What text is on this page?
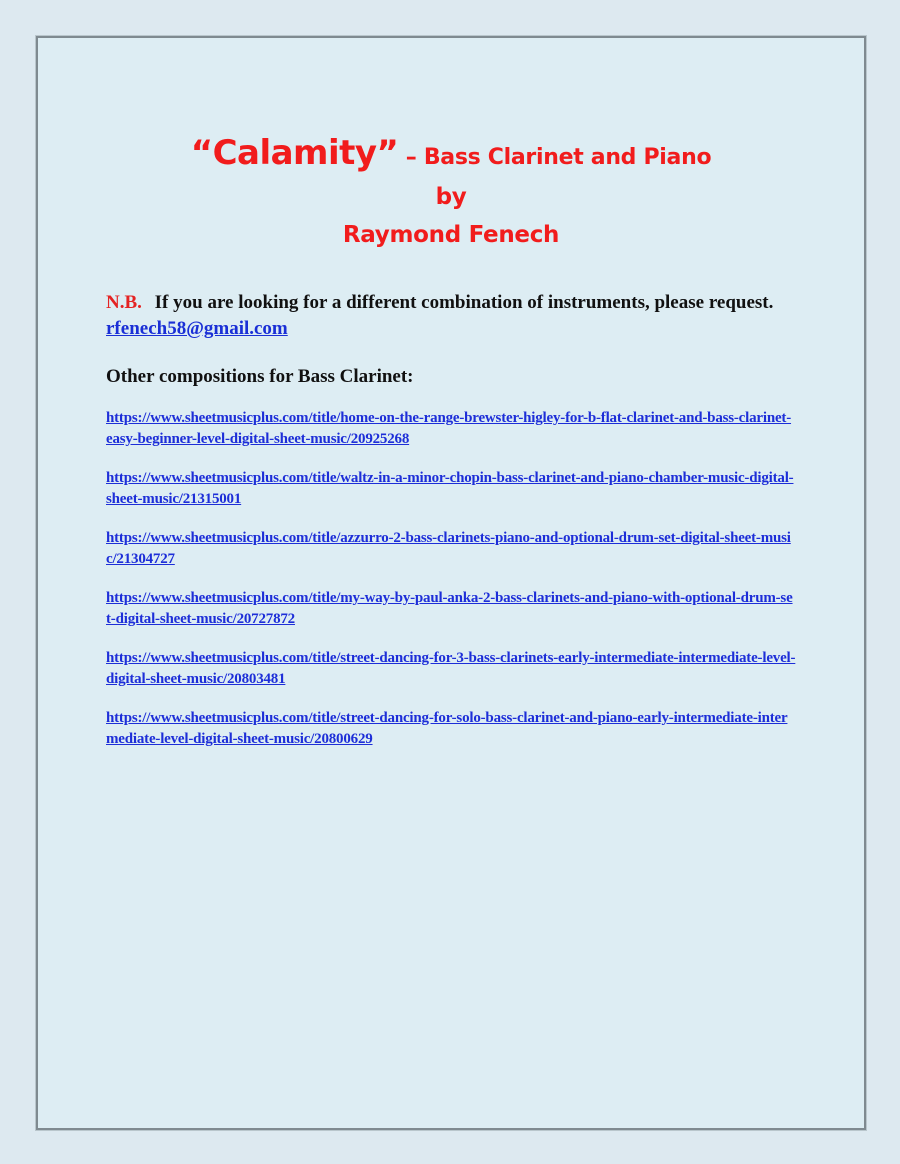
“Calamity” – Bass Clarinet and Piano
by
Raymond Fenech

N.B. If you are looking for a different combination of instruments, please request. rfenech58@gmail.com

Other compositions for Bass Clarinet:
https://www.sheetmusicplus.com/title/home-on-the-range-brewster-higley-for-b-flat-clarinet-and-bass-clarinet-easy-beginner-level-digital-sheet-music/20925268
https://www.sheetmusicplus.com/title/waltz-in-a-minor-chopin-bass-clarinet-and-piano-chamber-music-digital-sheet-music/21315001
https://www.sheetmusicplus.com/title/azzurro-2-bass-clarinets-piano-and-optional-drum-set-digital-sheet-music/21304727
https://www.sheetmusicplus.com/title/my-way-by-paul-anka-2-bass-clarinets-and-piano-with-optional-drum-set-digital-sheet-music/20727872
https://www.sheetmusicplus.com/title/street-dancing-for-3-bass-clarinets-early-intermediate-intermediate-level-digital-sheet-music/20803481
https://www.sheetmusicplus.com/title/street-dancing-for-solo-bass-clarinet-and-piano-early-intermediate-intermediate-level-digital-sheet-music/20800629
